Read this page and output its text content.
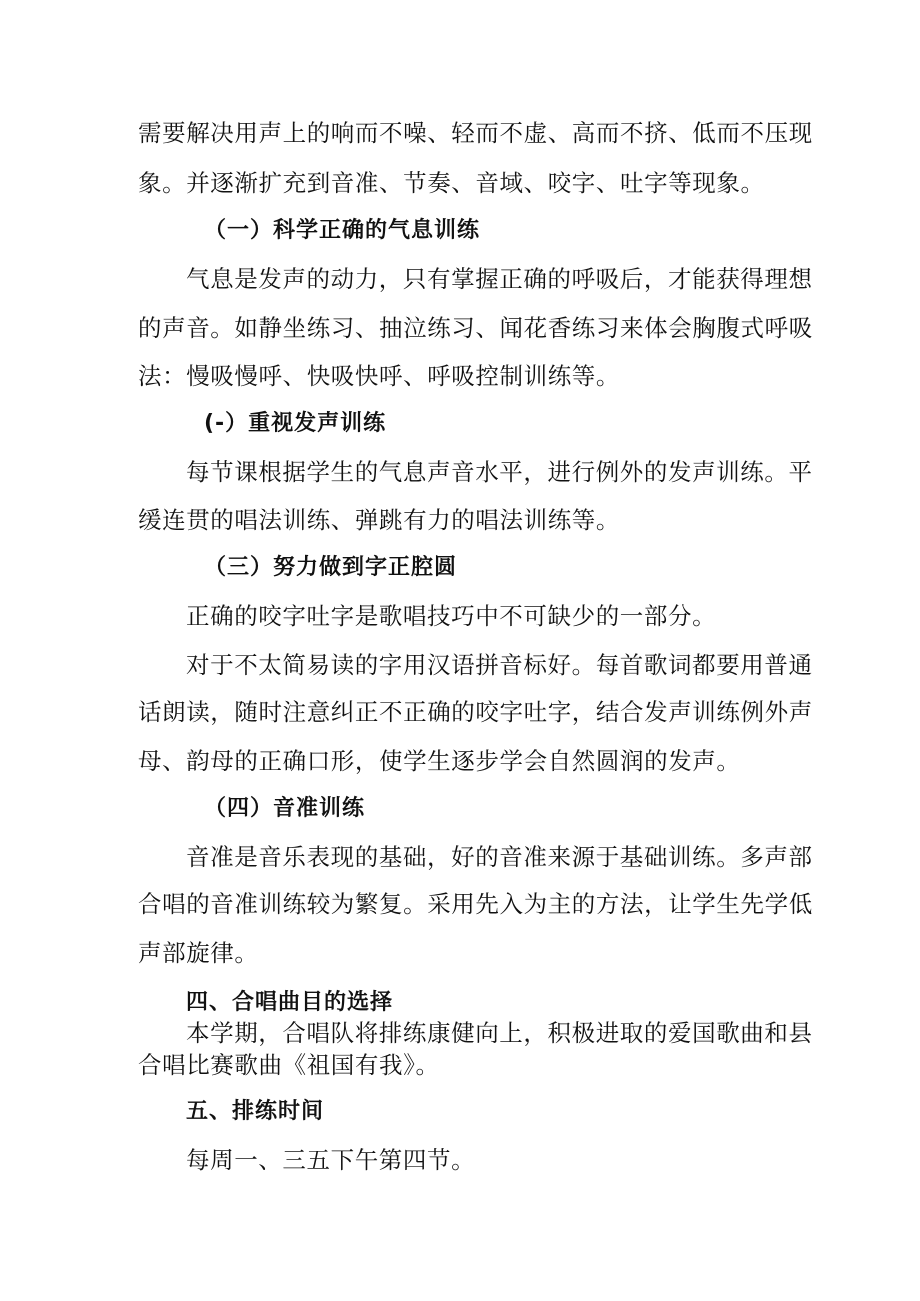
需要解决用声上的响而不噪、轻而不虚、高而不挤、低而不压现
象。并逐渐扩充到音准、节奏、音域、咬字、吐字等现象。
（一）科学正确的气息训练
气息是发声的动力，只有掌握正确的呼吸后，才能获得理想
的声音。如静坐练习、抽泣练习、闻花香练习来体会胸腹式呼吸
法：慢吸慢呼、快吸快呼、呼吸控制训练等。
(-）重视发声训练
每节课根据学生的气息声音水平，进行例外的发声训练。平
缓连贯的唱法训练、弹跳有力的唱法训练等。
（三）努力做到字正腔圆
正确的咬字吐字是歌唱技巧中不可缺少的一部分。
对于不太简易读的字用汉语拼音标好。每首歌词都要用普通
话朗读，随时注意纠正不正确的咬字吐字，结合发声训练例外声
母、韵母的正确口形，使学生逐步学会自然圆润的发声。
（四）音准训练
音准是音乐表现的基础，好的音准来源于基础训练。多声部
合唱的音准训练较为繁复。采用先入为主的方法，让学生先学低
声部旋律。
四、合唱曲目的选择
本学期，合唱队将排练康健向上，积极进取的爱国歌曲和县
合唱比赛歌曲《祖国有我》。
五、排练时间
每周一、三五下午第四节。
